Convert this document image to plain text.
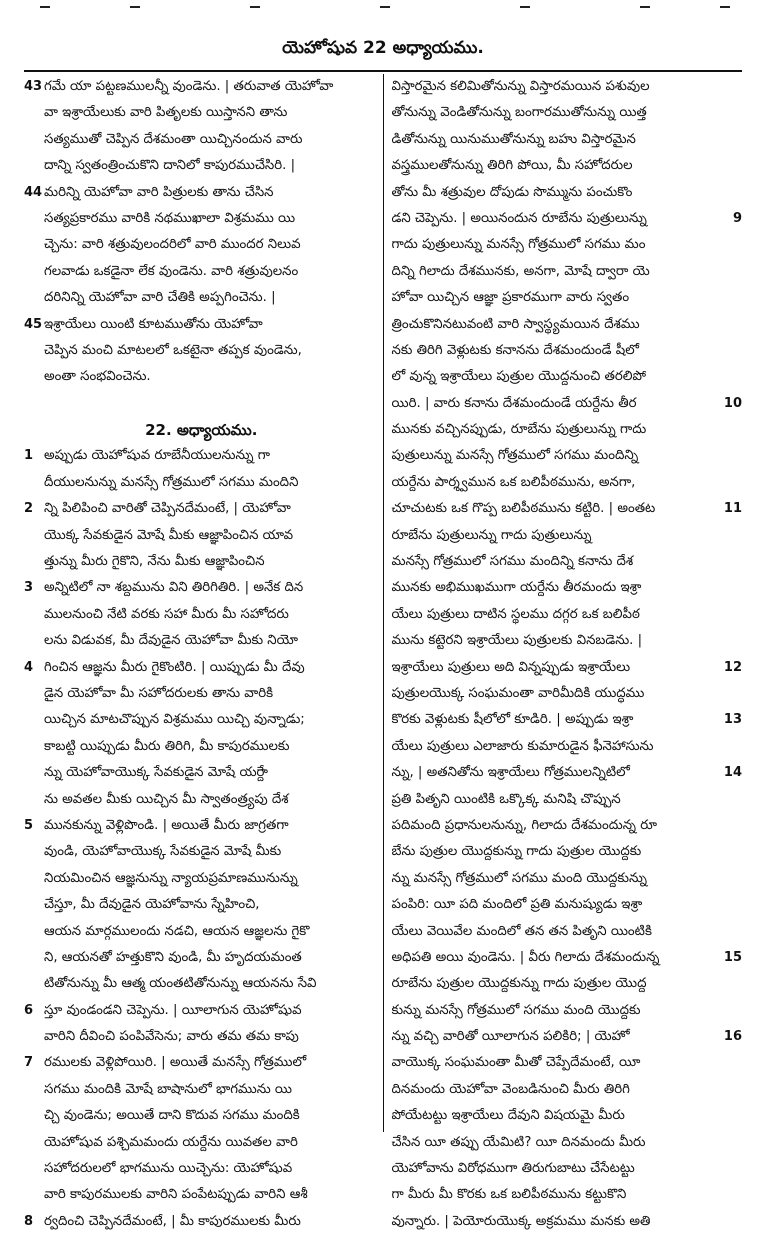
యెహోషువ 22 అధ్యాయము.
43 గమే యా పట్టణములన్నీ వుండెను. | తరువాత యెహోవా
వా ఇశ్రాయేలుకు వారి పితృలకు యిస్తానని తాను
సత్యముతో చెప్పిన దేశమంతా యిచ్చినందున వారు
దాన్ని స్వతంత్రించుకొని దానిలో కాపురముచేసిరి. |
44 మరిన్ని యెహోవా వారి పిత్రులకు తాను చేసిన
సత్యప్రకారము వారికి నథముఖాలా విశ్రమము యి
చ్చెను: వారి శత్రువులందరిలో వారి ముందర నిలువ
గలవాడు ఒకడైనా లేక వుండెను. వారి శత్రువులనం
దరినిన్ని యెహోవా వారి చేతికి అప్పగించెను. |
45 ఇశ్రాయేలు యింటి కూటముతోను యెహోవా
చెప్పిన మంచి మాటలలో ఒకటైనా తప్పక వుండెను,
అంతా సంభవించెను.
22. అధ్యాయము.
1 అప్పుడు యెహోషువ రూబేనీయులనున్ను గా
దీయులనున్ను మనస్సే గోత్రములో సగము మందిని
2 న్ని పిలిపించి వారితో చెప్పినదేమంటే, | యెహోవా
యొక్క సేవకుడైన మోషే మీకు ఆజ్ఞాపించిన యావ
త్తున్ను మీరు గైకొని, నేను మీకు ఆజ్ఞాపించిన
3 అన్నిటిలో నా శబ్దమును విని తిరిగితిరి. | అనేక దిన
ములనుంచి నేటి వరకు సహా మీరు మీ సహోదరు
లను విడువక, మీ దేవుడైన యెహోవా మీకు నియో
4 గించిన ఆజ్ఞను మీరు గైకొంటిరి. | యిప్పుడు మీ దేవు
డైన యెహోవా మీ సహోదరులకు తాను వారికి
యిచ్చిన మాటచొప్పున విశ్రమము యిచ్చి వున్నాడు;
కాబట్టి యిప్పుడు మీరు తిరిగి, మీ కాపురములకు
న్ను యెహోవాయొక్క సేవకుడైన మోషే యర్దేా
ను అవతల మీకు యిచ్చిన మీ స్వాతంత్ర్యపు దేశ
5 మునకున్ను వెళ్లిపొండి. | అయితే మీరు జాగ్రతగా
వుండి, యెహోవాయొక్క సేవకుడైన మోషే మీకు
నియమించిన ఆజ్ఞనున్ను న్యాయప్రమాణమునున్ను
చేస్తూ, మీ దేవుడైన యెహోవాను స్నేహించి,
ఆయన మార్గములందు నడచి, ఆయన ఆజ్ఞలను గైకొ
ని, ఆయనతో హత్తుకొని వుండి, మీ హృదయమంత
టితోనున్ను మీ ఆత్మ యంతటితోనున్ను ఆయనను సేవి
6 స్తూ వుండండని చెప్పెను. | యీలాగున యెహోషువ
వారిని దీవించి పంపివేసెను; వారు తమ తమ కాపు
7 రములకు వెళ్లిపోయిరి. | అయితే మనస్సే గోత్రములో
సగము మందికి మోషే బాషానులో భాగమును యి
చ్చి వుండెను; అయితే దాని కొదువ సగము మందికి
యెహోషువ పశ్చిమమందు యర్దేను యివతల వారి
సహోదరులలో భాగమును యిచ్చెను: యెహోషువ
వారి కాపురములకు వారిని పంపేటప్పుడు వారిని ఆశీ
8 ర్వదించి చెప్పినదేమంటే, | మీ కాపురములకు మీరు
విస్తారమైన కలిమితోనున్ను విస్తారమయిన పశువుల
తోనున్ను వెండితోనున్ను బంగారముతోనున్ను యిత్త
డితోనున్ను యినుముతోనున్ను బహు విస్తారమైన
వస్త్రములతోనున్ను తిరిగి పోయి, మీ సహోదరుల
తోను మీ శత్రువుల దోపుడు సొమ్మును పంచుకొం
9
డని చెప్పెను. | అయినందున రూబేను పుత్రులున్ను
గాదు పుత్రులున్ను మనస్సే గోత్రములో సగము మం
దిన్ని గిలాదు దేశమునకు, అనగా, మోషే ద్వారా యె
హోవా యిచ్చిన ఆజ్ఞా ప్రకారముగా వారు స్వతం
త్రించుకొనినటువంటి వారి స్వాస్థ్యమయిన దేశము
నకు తిరిగి వెళ్లుటకు కనానను దేశమందుండే షీలో
లో వున్న ఇశ్రాయేలు పుత్రుల యొద్దనుంచి తరలిపో
10
యిరి. | వారు కనాను దేశమందుండే యర్దేను తీర
మునకు వచ్చినప్పుడు, రూబేను పుత్రులున్ను గాదు
పుత్రులున్ను మనస్సే గోత్రములో సగము మందిన్ని
యర్దేను పార్శ్వమున ఒక బలిపీఠమును, అనగా,
11
చూచుటకు ఒక గొప్ప బలిపీఠమును కట్టిరి. | అంతట
రూబేను పుత్రులున్ను గాదు పుత్రులున్ను
మనస్సే గోత్రములో సగము మందిన్ని కనాను దేశ
మునకు అభిముఖముగా యర్దేను తీరమందు ఇశ్రా
యేలు పుత్రులు దాటిన స్థలము దగ్గర ఒక బలిపీఠ
మును కట్టెరని ఇశ్రాయేలు పుత్రులకు వినబడెను. |
12
ఇశ్రాయేలు పుత్రులు అది విన్నప్పుడు ఇశ్రాయేలు
పుత్రులయొక్క సంఘమంతా వారిమీదికి యుద్ధము
13
కొరకు వెళ్లుటకు షీలోలో కూడిరి. | అప్పుడు ఇశ్రా
యేలు పుత్రులు ఎలాజారు కుమారుడైన ఫీనెహాసును
14
న్ను, | అతనితోను ఇశ్రాయేలు గోత్రములన్నిటిలో
ప్రతి పితృని యింటికి ఒక్కొక్క మనిషి చొప్పున
పదిమంది ప్రధానులనున్ను, గిలాదు దేశమందున్న రూ
బేను పుత్రుల యొద్దకున్ను గాదు పుత్రుల యొద్దకు
న్ను మనస్సే గోత్రములో సగము మంది యొద్దకున్ను
పంపిరి: యీ పది మందిలో ప్రతి మనుష్యుడు ఇశ్రా
యేలు వెయివేల మందిలో తన తన పితృని యింటికి
15
అధిపతి అయి వుండెను. | వీరు గిలాదు దేశమందున్న
రూబేను పుత్రుల యొద్దకున్ను గాదు పుత్రుల యొద్ద
కున్ను మనస్సే గోత్రములో సగము మంది యొద్దకు
16
న్ను వచ్చి వారితో యీలాగున పలికిరి; | యెహో
వాయొక్క సంఘమంతా మీతో చెప్పేదేమంటే, యీ
దినమందు యెహోవా వెంబడినుంచి మీరు తిరిగి
పోయేటట్టు ఇశ్రాయేలు దేవుని విషయమై మీరు
చేసిన యీ తప్పు యేమిటి? యీ దినమందు మీరు
యెహోవాను విరోధముగా తిరుగుబాటు చేసేటట్టు
గా మీరు మీ కొరకు ఒక బలిపీఠమును కట్టుకొని
వున్నారు. | పెయోరుయొక్క అక్రమము మనకు అతి
